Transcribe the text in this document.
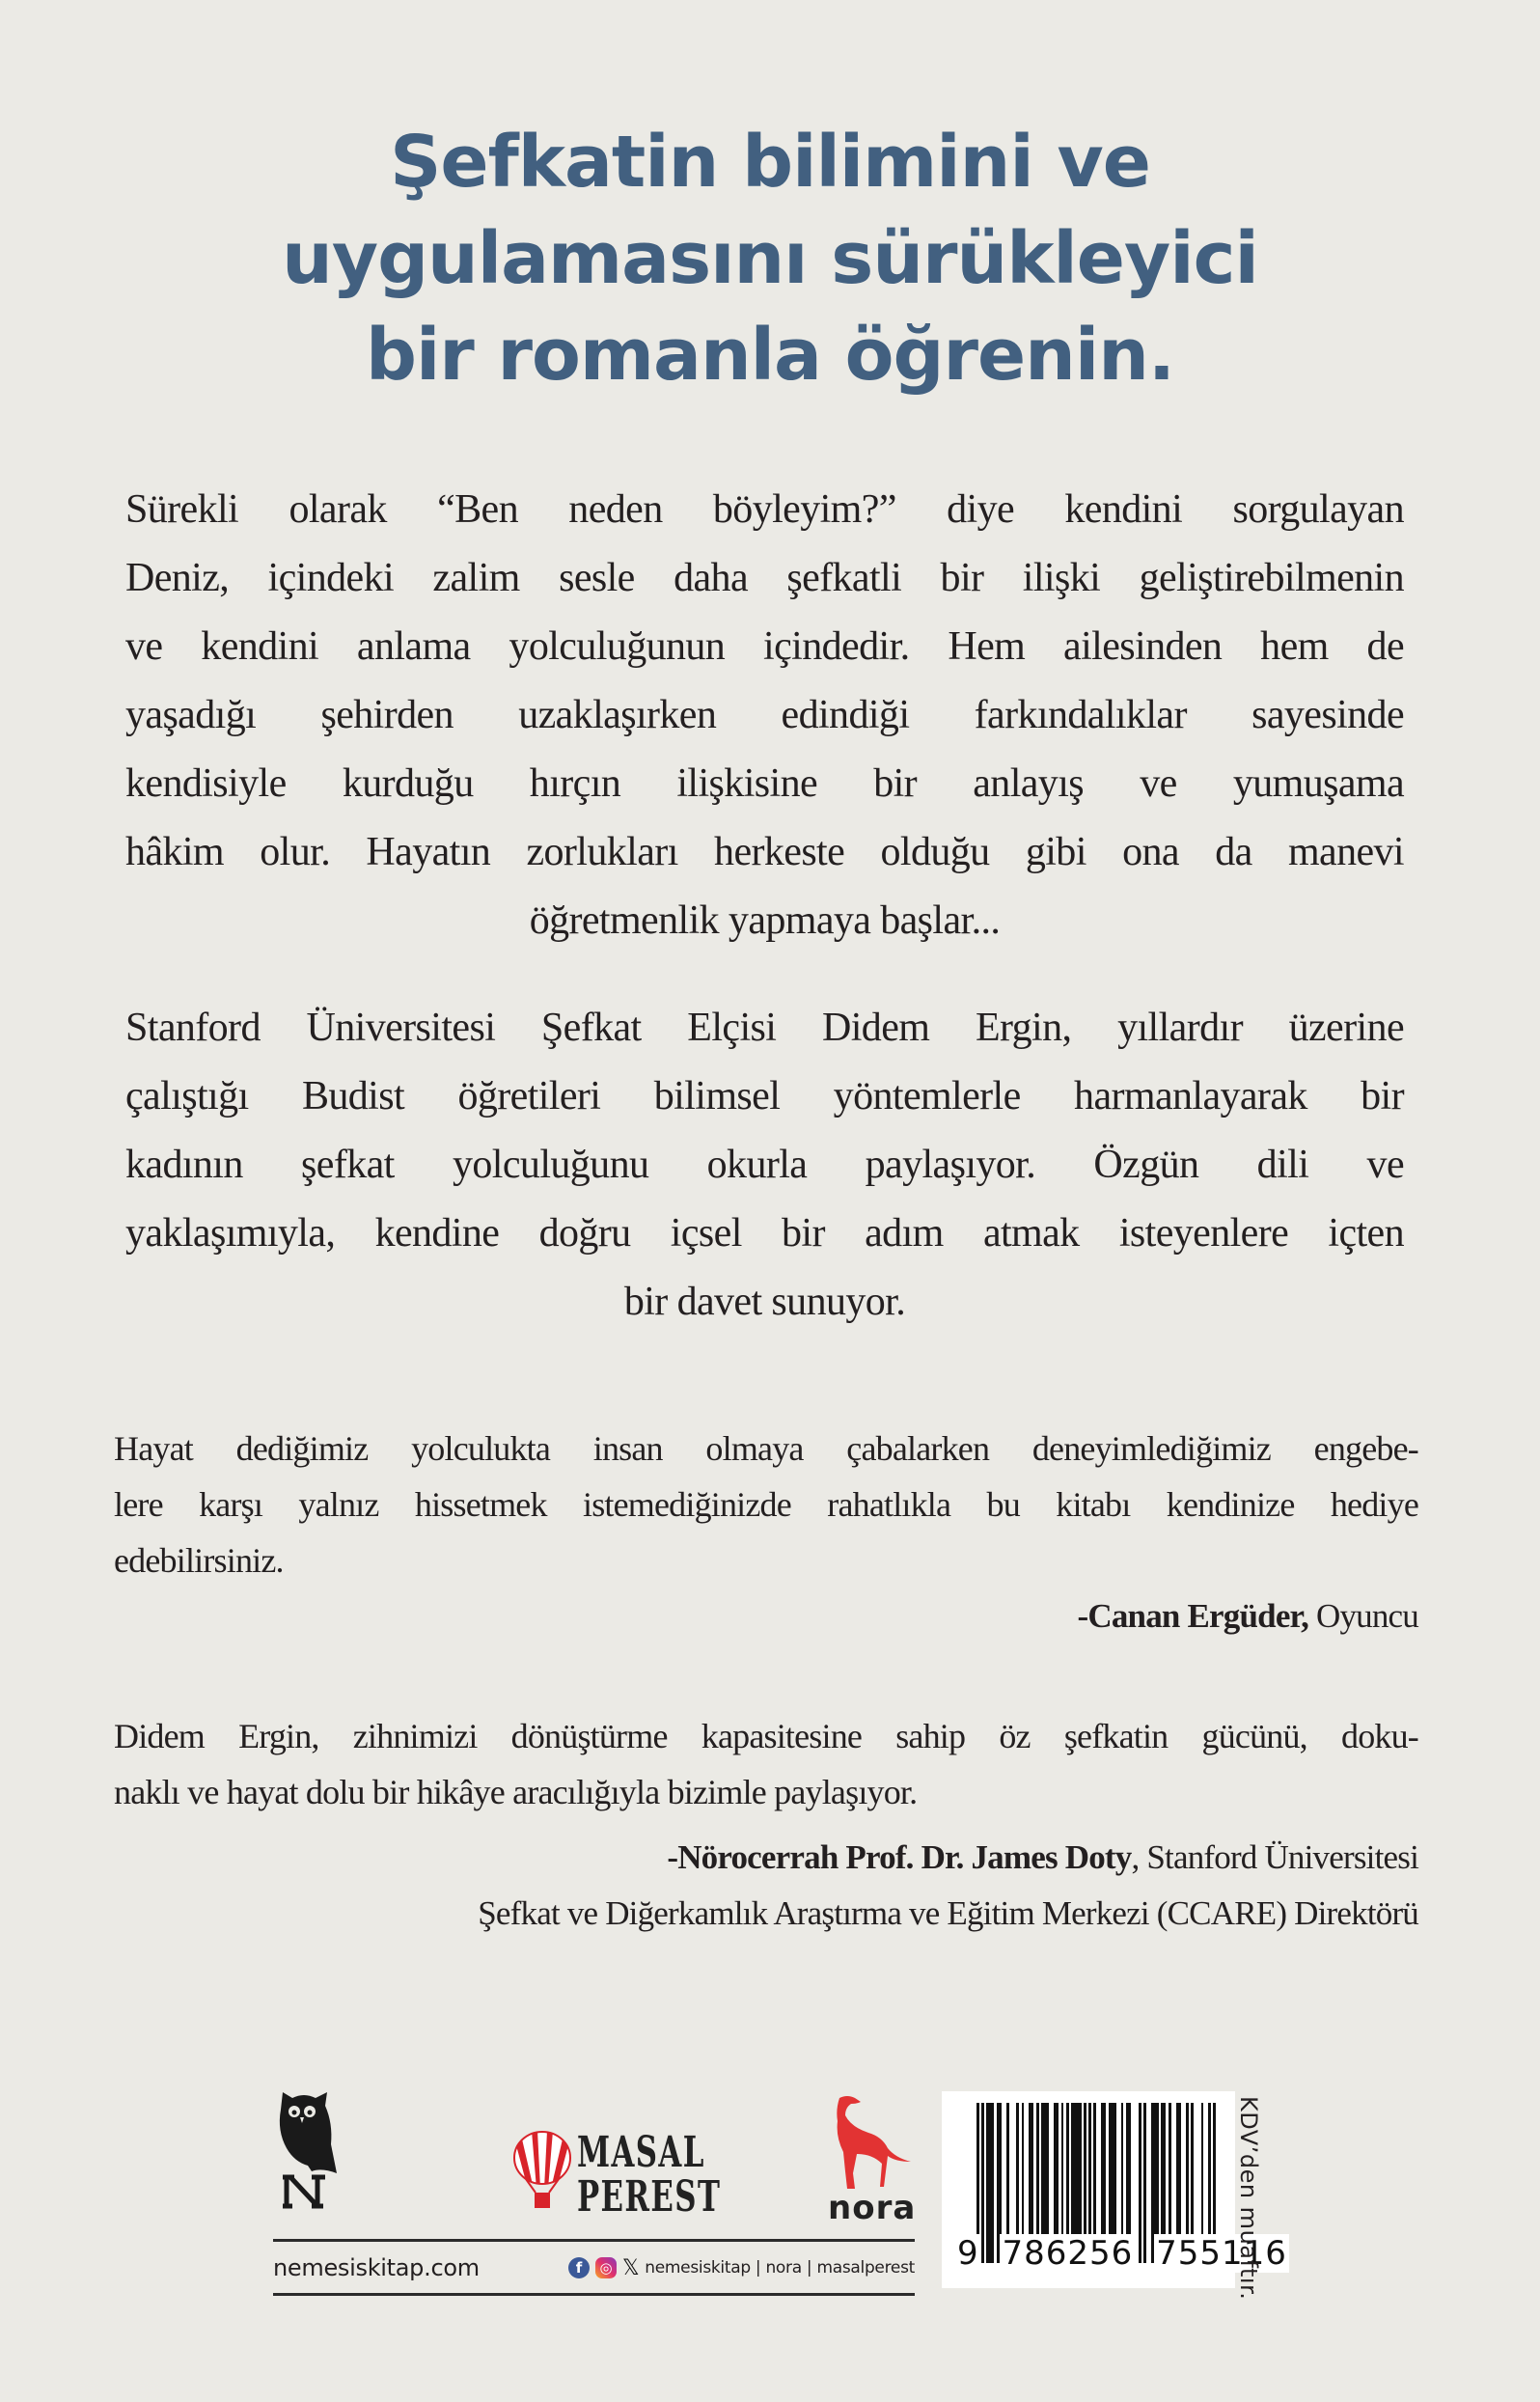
Şefkatin bilimini ve
uygulamasını sürükleyici
bir romanla öğrenin.
Sürekli olarak “Ben neden böyleyim?” diye kendini sorgulayan
Deniz, içindeki zalim sesle daha şefkatli bir ilişki geliştirebilmenin
ve kendini anlama yolculuğunun içindedir. Hem ailesinden hem de
yaşadığı şehirden uzaklaşırken edindiği farkındalıklar sayesinde
kendisiyle kurduğu hırçın ilişkisine bir anlayış ve yumuşama
hâkim olur. Hayatın zorlukları herkeste olduğu gibi ona da manevi
öğretmenlik yapmaya başlar...
Stanford Üniversitesi Şefkat Elçisi Didem Ergin, yıllardır üzerine
çalıştığı Budist öğretileri bilimsel yöntemlerle harmanlayarak bir
kadının şefkat yolculuğunu okurla paylaşıyor. Özgün dili ve
yaklaşımıyla, kendine doğru içsel bir adım atmak isteyenlere içten
bir davet sunuyor.
Hayat dediğimiz yolculukta insan olmaya çabalarken deneyimlediğimiz engebe-
lere karşı yalnız hissetmek istemediğinizde rahatlıkla bu kitabı kendinize hediye
edebilirsiniz.
-Canan Ergüder, Oyuncu
Didem Ergin, zihnimizi dönüştürme kapasitesine sahip öz şefkatin gücünü, doku-
naklı ve hayat dolu bir hikâye aracılığıyla bizimle paylaşıyor.
-Nörocerrah Prof. Dr. James Doty, Stanford Üniversitesi
Şefkat ve Diğerkamlık Araştırma ve Eğitim Merkezi (CCARE) Direktörü
MASAL
PEREST	nora
nemesiskitap.com	f	◎ 𝕏 nemesiskitap | nora | masalperest 9 786256 755116
KDV’den muaftır.
